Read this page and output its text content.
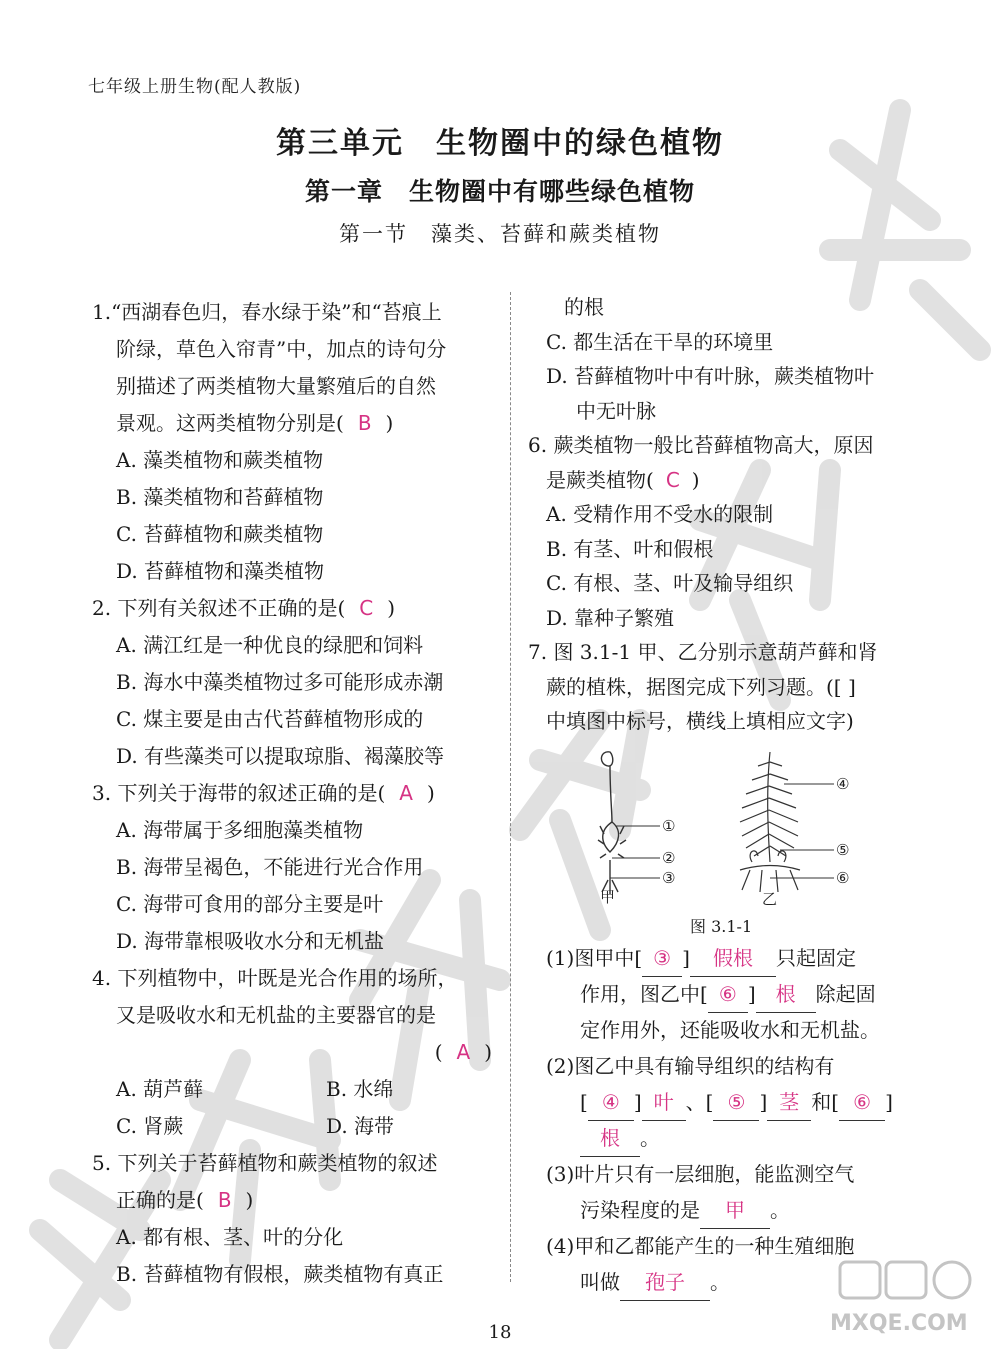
七年级上册生物(配人教版)
第三单元　生物圈中的绿色植物
第一章　生物圈中有哪些绿色植物
第一节　藻类、苔藓和蕨类植物
1.“西湖春色归，春水绿于染”和“苔痕上
阶绿，草色入帘青”中，加点的诗句分
别描述了两类植物大量繁殖后的自然
景观。这两类植物分别是( B )
A. 藻类植物和蕨类植物
B. 藻类植物和苔藓植物
C. 苔藓植物和蕨类植物
D. 苔藓植物和藻类植物
2. 下列有关叙述不正确的是( C )
A. 满江红是一种优良的绿肥和饲料
B. 海水中藻类植物过多可能形成赤潮
C. 煤主要是由古代苔藓植物形成的
D. 有些藻类可以提取琼脂、褐藻胶等
3. 下列关于海带的叙述正确的是( A )
A. 海带属于多细胞藻类植物
B. 海带呈褐色，不能进行光合作用
C. 海带可食用的部分主要是叶
D. 海带靠根吸收水分和无机盐
4. 下列植物中，叶既是光合作用的场所，
又是吸收水和无机盐的主要器官的是
( A )
A. 葫芦藓	B. 水绵
C. 肾蕨	D. 海带
5. 下列关于苔藓植物和蕨类植物的叙述
正确的是( B )
A. 都有根、茎、叶的分化
B. 苔藓植物有假根，蕨类植物有真正
的根
C. 都生活在干旱的环境里
D. 苔藓植物叶中有叶脉，蕨类植物叶
中无叶脉
6. 蕨类植物一般比苔藓植物高大，原因
是蕨类植物( C )
A. 受精作用不受水的限制
B. 有茎、叶和假根
C. 有根、茎、叶及输导组织
D. 靠种子繁殖
7. 图 3.1-1 甲、乙分别示意葫芦藓和肾
蕨的植株，据图完成下列习题。([ ]
中填图中标号，横线上填相应文字)
①
②
③
④
⑤
⑥
甲	乙
图 3.1-1
(1)图甲中[ ③ ] 假根 只起固定
作用，图乙中[ ⑥ ] 根 除起固
定作用外，还能吸收水和无机盐。
(2)图乙中具有输导组织的结构有
[ ④ ] 叶 、[ ⑤ ] 茎 和[ ⑥ ]
根 。
(3)叶片只有一层细胞，能监测空气
污染程度的是 甲 。
(4)甲和乙都能产生的一种生殖细胞
叫做 孢子 。
18	MXQE.COM
